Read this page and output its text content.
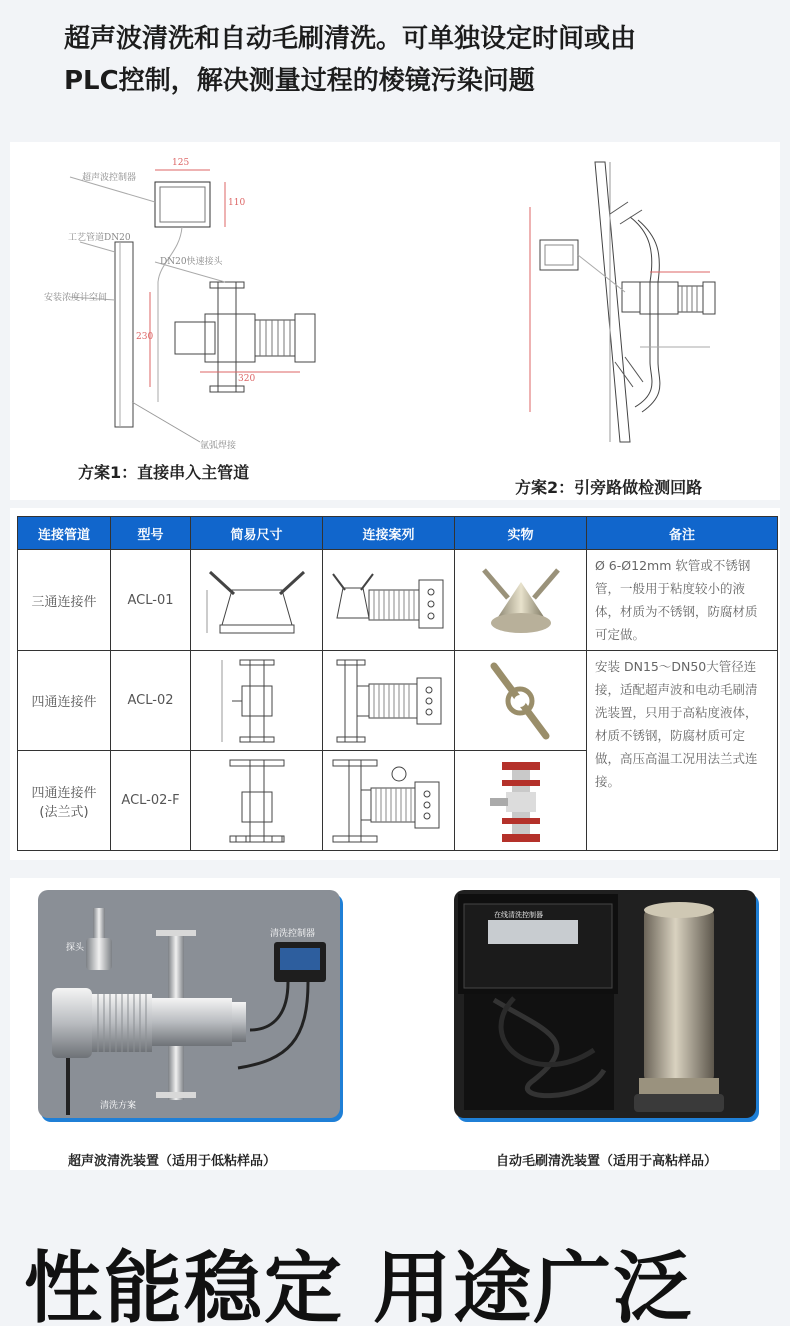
超声波清洗和自动毛刷清洗。可单独设定时间或由
PLC控制，解决测量过程的棱镜污染问题
超声波控制器
工艺管道DN20
安装浓度计空间
DN20快速接头
氩弧焊接
125
110
320
230
方案1：直接串入主管道
方案2：引旁路做检测回路
连接管道	型号	简易尺寸	连接案列	实物	备注
三通连接件	ACL-01				Ø 6-Ø12mm 软管或不锈钢管，一般用于粘度较小的液体，材质为不锈钢，防腐材质可定做。
四通连接件	ACL-02				安装 DN15～DN50大管径连接，适配超声波和电动毛刷清洗装置，只用于高粘度液体，材质不锈钢，防腐材质可定做，高压高温工况用法兰式连接。

四通连接件
(法兰式)	ACL-02-F	

探头
清洗控制器
清洗方案
在线清洗控制器
超声波清洗装置（适用于低粘样品）	自动毛刷清洗装置（适用于高粘样品）
性能稳定 用途广泛
